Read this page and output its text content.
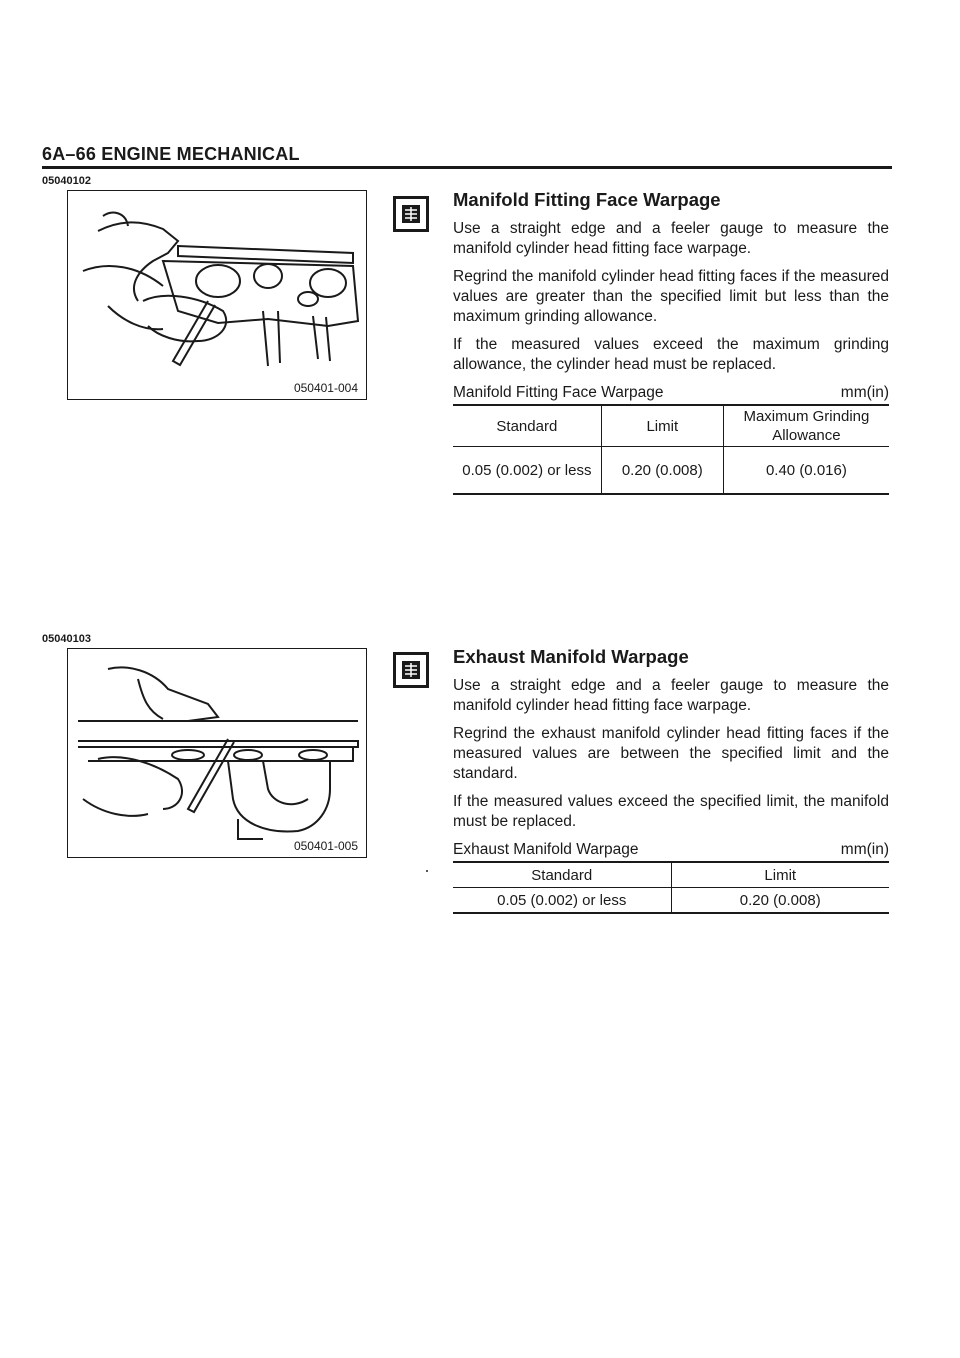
6A–66 ENGINE MECHANICAL
05040102
050401-004
05040103
050401-005
Manifold Fitting Face Warpage

Use a straight edge and a feeler gauge to measure the manifold cylinder head fitting face warpage.

Regrind the manifold cylinder head fitting faces if the measured values are greater than the specified limit but less than the maximum grinding allowance.

If the measured values exceed the maximum grinding allowance, the cylinder head must be replaced.

Manifold Fitting Face Warpage	mm(in)
Standard	Limit	Maximum Grinding Allowance
0.05 (0.002) or less	0.20 (0.008)	0.40 (0.016)
Exhaust Manifold Warpage

Use a straight edge and a feeler gauge to measure the manifold cylinder head fitting face warpage.

Regrind the exhaust manifold cylinder head fitting faces if the measured values are between the specified limit and the standard.

If the measured values exceed the specified limit, the manifold must be replaced.

Exhaust Manifold Warpage	mm(in)
Standard	Limit
0.05 (0.002) or less	0.20 (0.008)
